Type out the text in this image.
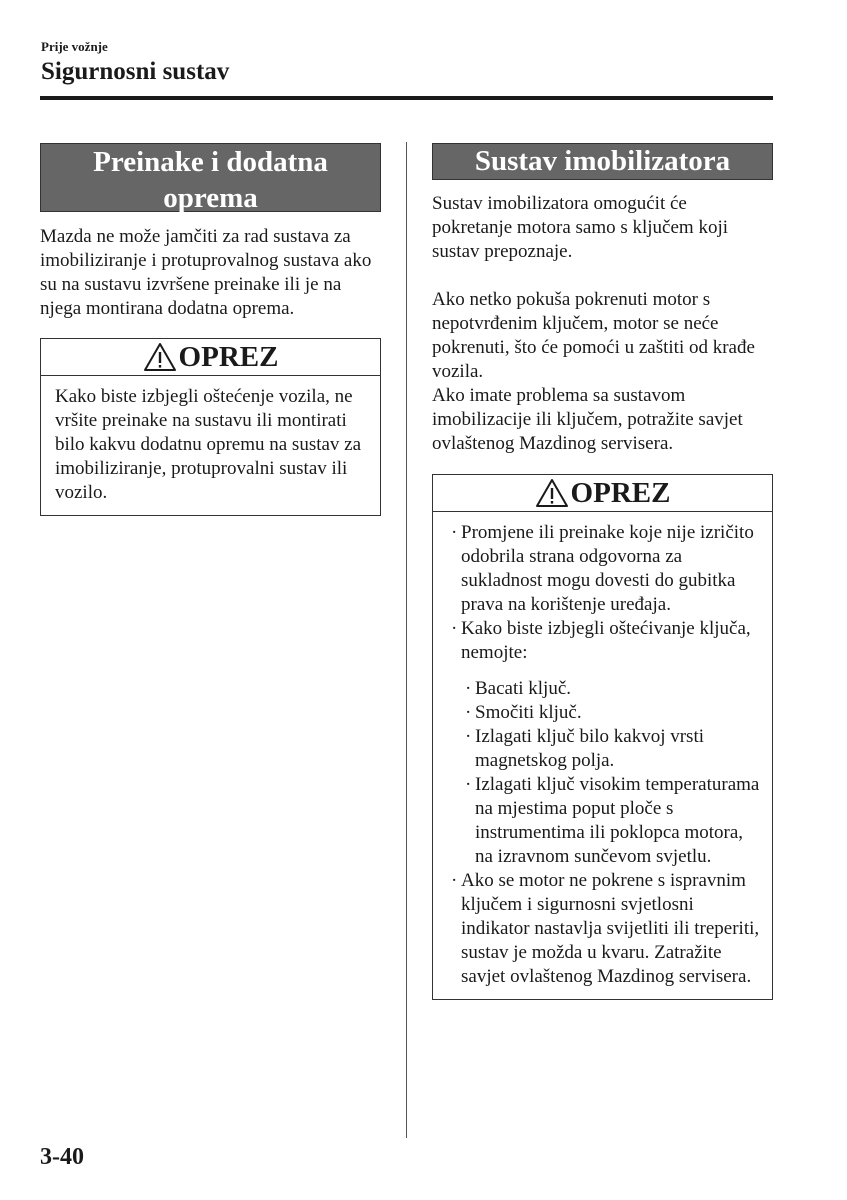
Prije vožnje
Sigurnosni sustav
Preinake i dodatna
oprema

Mazda ne može jamčiti za rad sustava za imobiliziranje i protuprovalnog sustava ako su na sustavu izvršene preinake ili je na njega montirana dodatna oprema.

OPREZ
Kako biste izbjegli oštećenje vozila, ne vršite preinake na sustavu ili montirati bilo kakvu dodatnu opremu na sustav za imobiliziranje, protuprovalni sustav ili vozilo.
Sustav imobilizatora

Sustav imobilizatora omogućit će pokretanje motora samo s ključem koji sustav prepoznaje.

Ako netko pokuša pokrenuti motor s nepotvrđenim ključem, motor se neće pokrenuti, što će pomoći u zaštiti od krađe vozila.

Ako imate problema sa sustavom imobilizacije ili ključem, potražite savjet ovlaštenog Mazdinog servisera.

OPREZ
· Promjene ili preinake koje nije izričito odobrila strana odgovorna za sukladnost mogu dovesti do gubitka prava na korištenje uređaja.
· Kako biste izbjegli oštećivanje ključa, nemojte:
· Bacati ključ.
· Smočiti ključ.
· Izlagati ključ bilo kakvoj vrsti magnetskog polja.
· Izlagati ključ visokim temperaturama na mjestima poput ploče s instrumentima ili poklopca motora, na izravnom sunčevom svjetlu.
· Ako se motor ne pokrene s ispravnim ključem i sigurnosni svjetlosni indikator nastavlja svijetliti ili treperiti, sustav je možda u kvaru. Zatražite savjet ovlaštenog Mazdinog servisera.
3-40
